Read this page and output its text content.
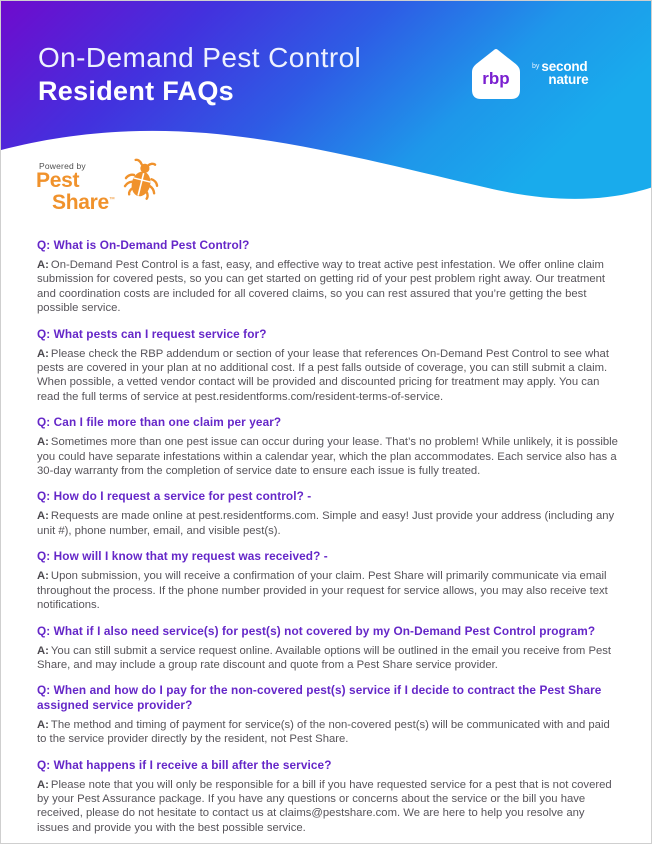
On-Demand Pest Control
Resident FAQs	rbp
by second
nature
Powered by
Pest
Share™
Q: What is On-Demand Pest Control?

A: On-Demand Pest Control is a fast, easy, and effective way to treat active pest infestation. We offer online claim submission for covered pests, so you can get started on getting rid of your pest problem right away. Our treatment and coordination costs are included for all covered claims, so you can rest assured that you’re getting the best possible service.

Q: What pests can I request service for?

A: Please check the RBP addendum or section of your lease that references On-Demand Pest Control to see what pests are covered in your plan at no additional cost. If a pest falls outside of coverage, you can still submit a claim. When possible, a vetted vendor contact will be provided and discounted pricing for treatment may apply. You can read the full terms of service at pest.residentforms.com/resident-terms-of-service.

Q: Can I file more than one claim per year?

A: Sometimes more than one pest issue can occur during your lease. That’s no problem! While unlikely, it is possible you could have separate infestations within a calendar year, which the plan accommodates. Each service also has a 30-day warranty from the completion of service date to ensure each issue is fully treated.

Q: How do I request a service for pest control? -

A: Requests are made online at pest.residentforms.com. Simple and easy! Just provide your address (including any unit #), phone number, email, and visible pest(s).

Q: How will I know that my request was received? -

A: Upon submission, you will receive a confirmation of your claim. Pest Share will primarily communicate via email throughout the process. If the phone number provided in your request for service allows, you may also receive text notifications.

Q: What if I also need service(s) for pest(s) not covered by my On-Demand Pest Control program?

A: You can still submit a service request online. Available options will be outlined in the email you receive from Pest Share, and may include a group rate discount and quote from a Pest Share service provider.

Q: When and how do I pay for the non-covered pest(s) service if I decide to contract the Pest Share assigned service provider?

A: The method and timing of payment for service(s) of the non-covered pest(s) will be communicated with and paid to the service provider directly by the resident, not Pest Share.

Q: What happens if I receive a bill after the service?

A: Please note that you will only be responsible for a bill if you have requested service for a pest that is not covered by your Pest Assurance package. If you have any questions or concerns about the service or the bill you have received, please do not hesitate to contact us at claims@pestshare.com. We are here to help you resolve any issues and provide you with the best possible service.
